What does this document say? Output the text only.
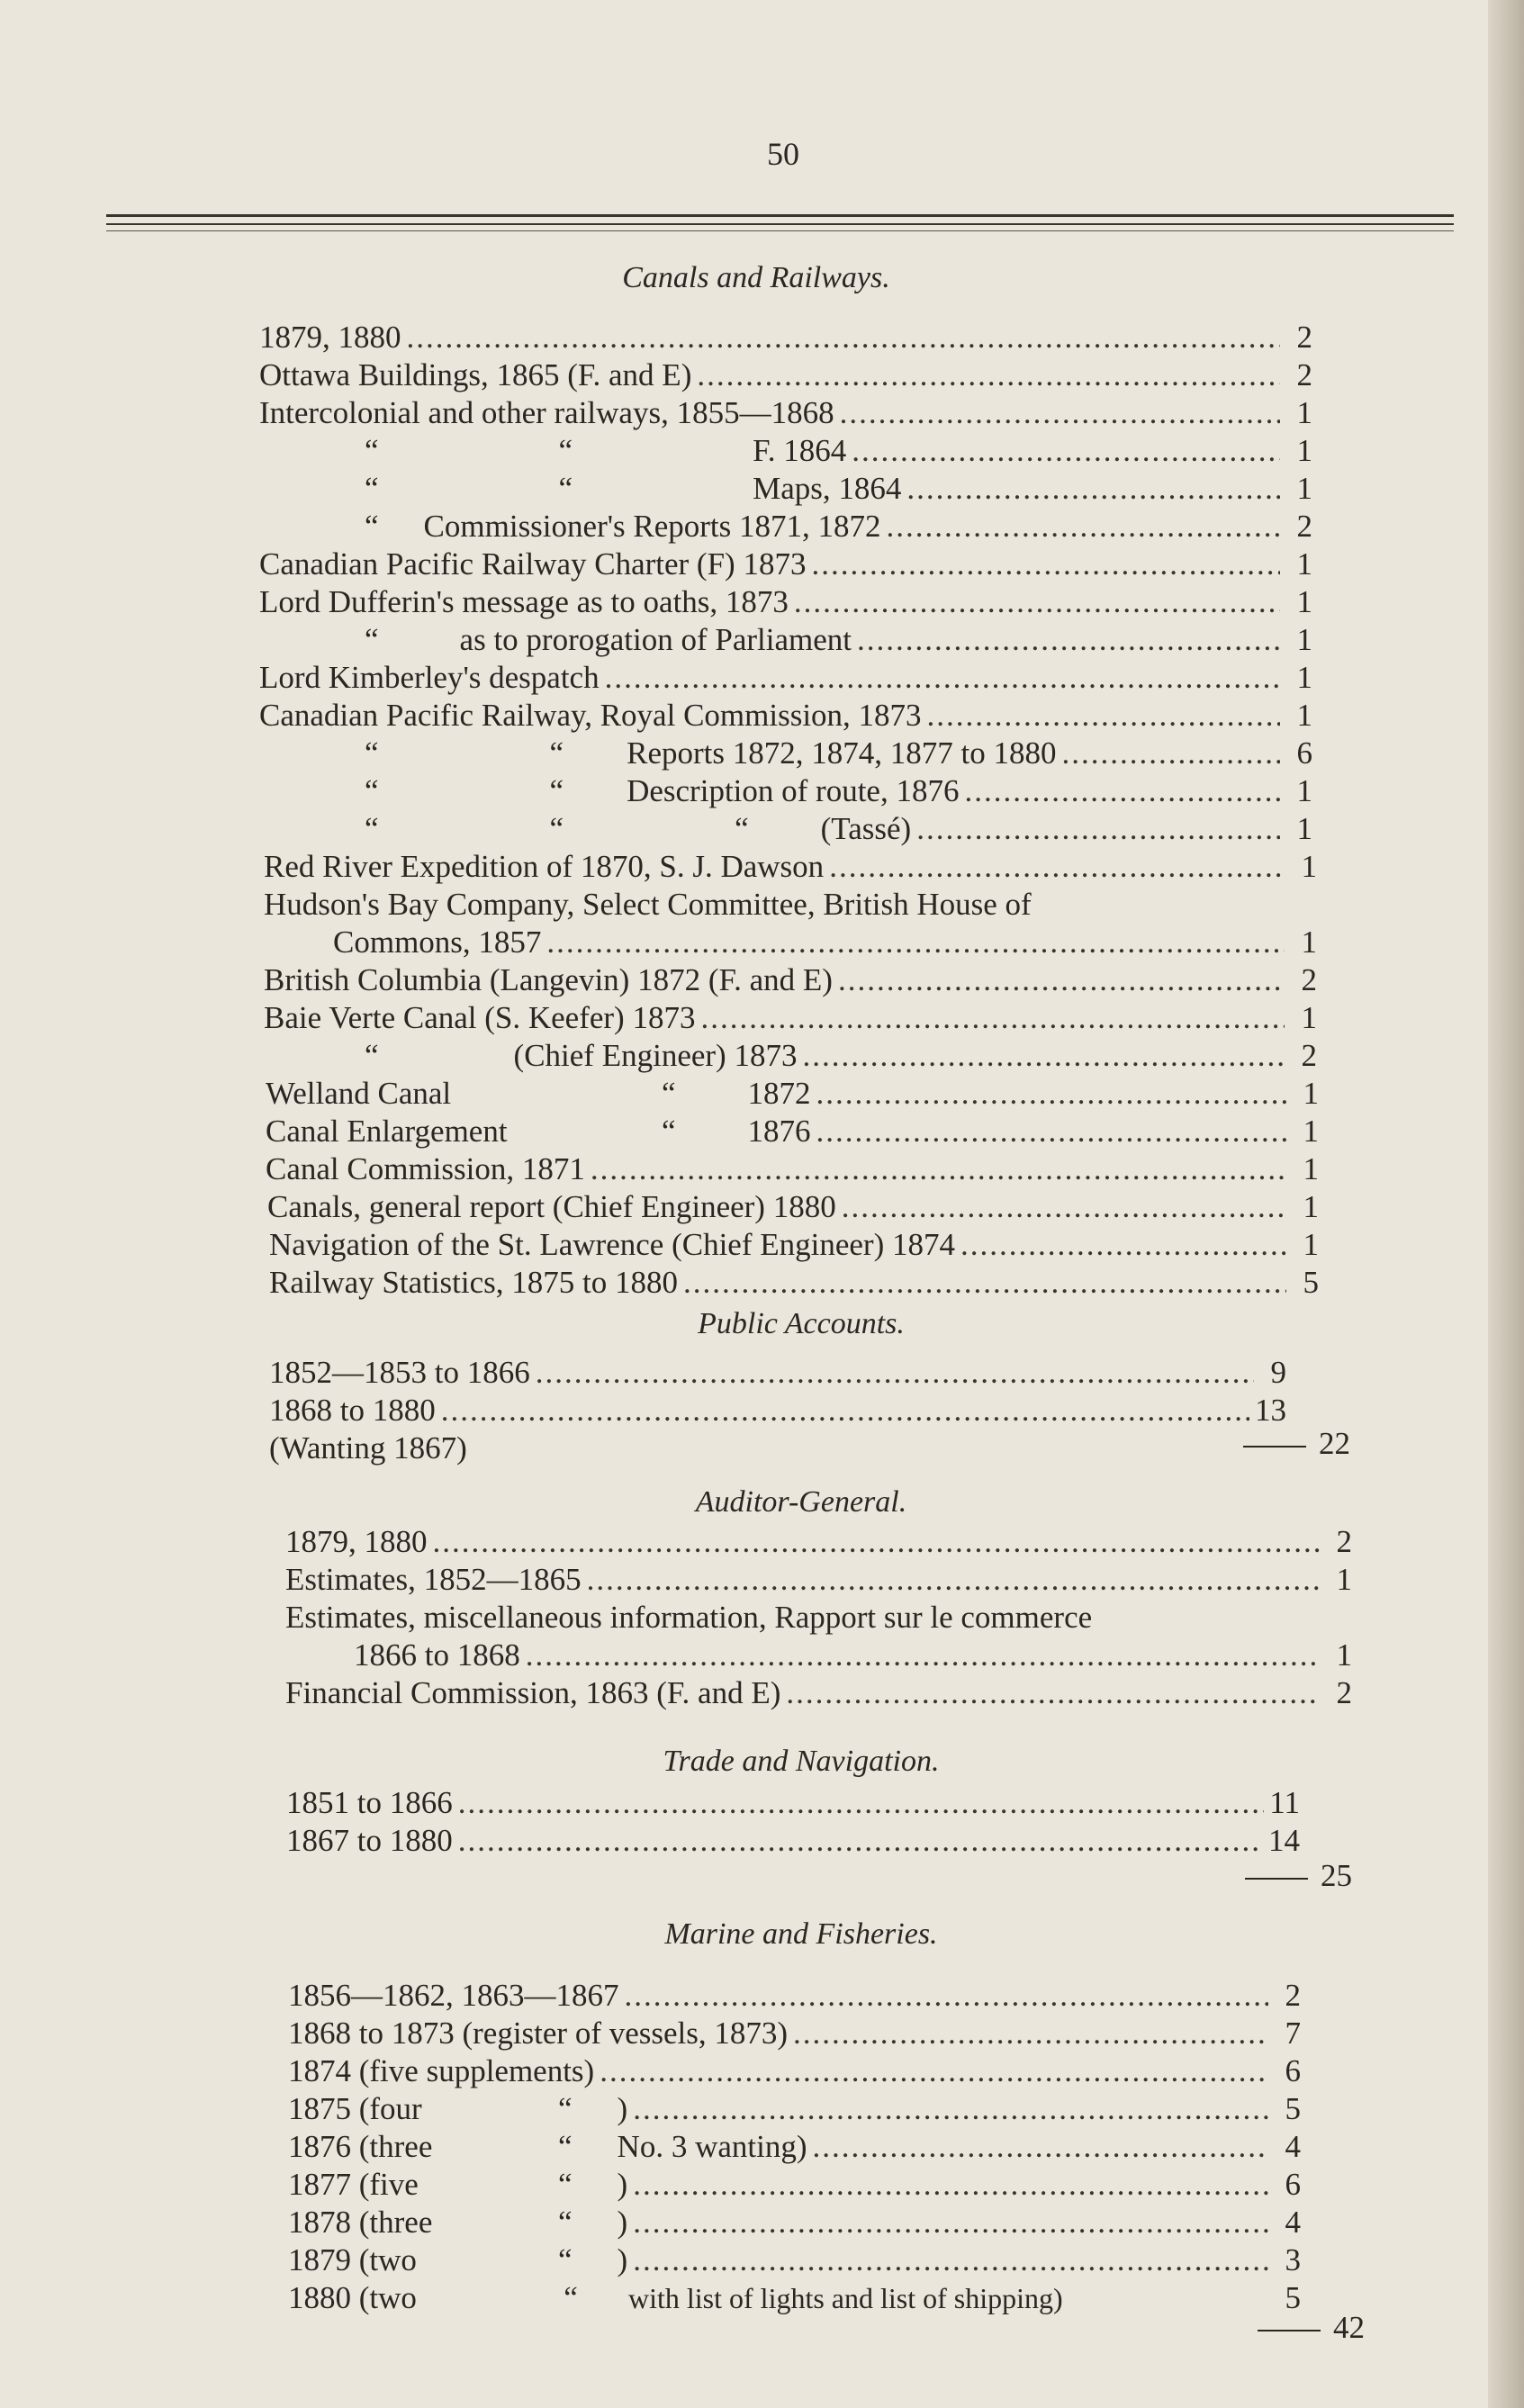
50
Canals and Railways.
1879, 1880 .....	2
Ottawa Buildings, 1865 (F. and E) .....	2
Intercolonial and other railways, 1855—1868 .....	1
“	“	F. 1864 .....	1
“	“	Maps, 1864 .....	1
“ Commissioner's Reports 1871, 1872 .....	2
Canadian Pacific Railway Charter (F) 1873 .....	1
Lord Dufferin's message as to oaths, 1873 .....	1
“	as to prorogation of Parliament .....	1
Lord Kimberley's despatch .....	1
Canadian Pacific Railway, Royal Commission, 1873 .....	1
“	“ Reports 1872, 1874, 1877 to 1880 .....	6
“	“ Description of route, 1876 .....	1
“	“	“ (Tassé) .....	1
Red River Expedition of 1870, S. J. Dawson .....	1
Hudson's Bay Company, Select Committee, British House of
Commons, 1857 .....	1
British Columbia (Langevin) 1872 (F. and E) .....	2
Baie Verte Canal (S. Keefer) 1873 .....	1
“	(Chief Engineer) 1873 .....	2
Welland Canal	“ 1872 .....	1
Canal Enlargement	“ 1876 .....	1
Canal Commission, 1871 .....	1
Canals, general report (Chief Engineer) 1880 .....	1
Navigation of the St. Lawrence (Chief Engineer) 1874 .....	1
Railway Statistics, 1875 to 1880 .....	5
Public Accounts.
1852—1853 to 1866 .....	9
1868 to 1880 .....	13
(Wanting 1867)	22
Auditor-General.
1879, 1880 .....	2
Estimates, 1852—1865 .....	1
Estimates, miscellaneous information, Rapport sur le commerce
1866 to 1868 .....	1
Financial Commission, 1863 (F. and E) .....	2
Trade and Navigation.
1851 to 1866 .....	11
1867 to 1880 .....	14
25
Marine and Fisheries.
1856—1862, 1863—1867 .....	2
1868 to 1873 (register of vessels, 1873) .....	7
1874 (five supplements) .....	6
1875 (four	“ ) .....	5
1876 (three	“ No. 3 wanting) .....	4
1877 (five	“ ) .....	6
1878 (three	“ ) .....	4
1879 (two	“ ) .....	3
1880 (two	“ with list of lights and list of shipping)	5
42
